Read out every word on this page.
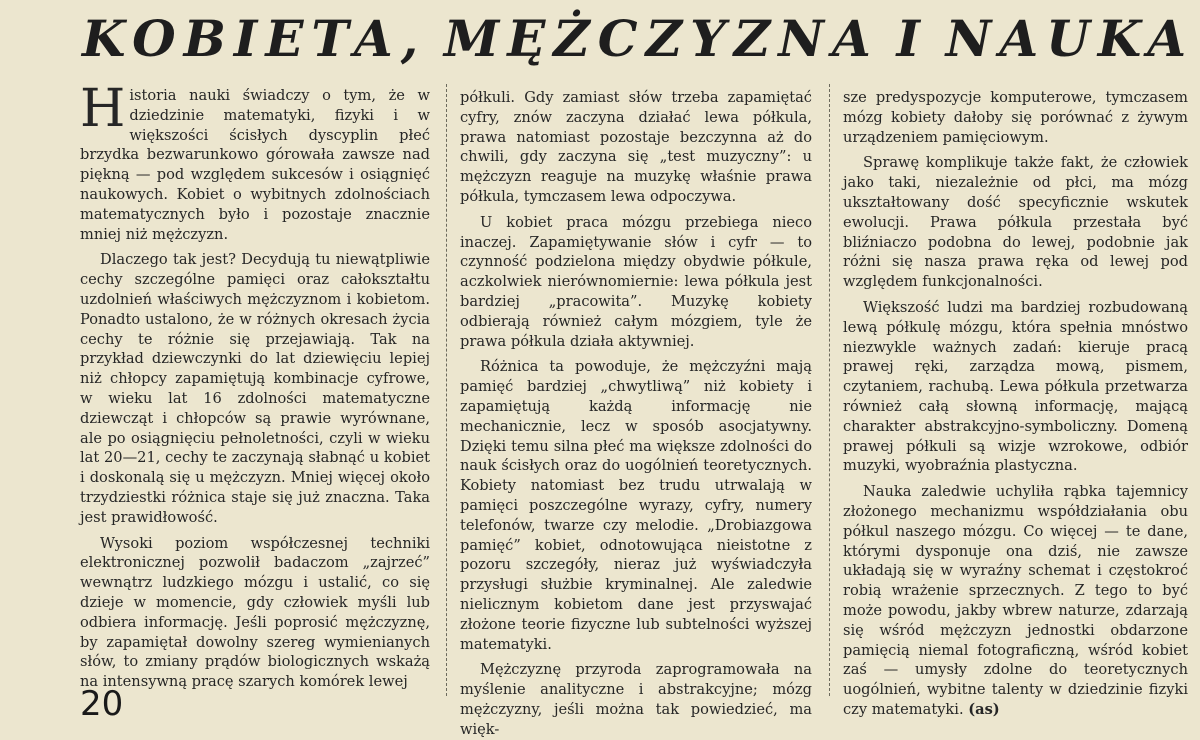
KOBIETA, MĘŻCZYZNA I NAUKA

Historia nauki świadczy o tym, że w dziedzinie matematyki, fizyki i w większości ścisłych dyscyplin płeć brzydka bezwarunkowo górowała zawsze nad piękną — pod względem sukcesów i osiągnięć naukowych. Kobiet o wybitnych zdolnościach matematycznych było i pozostaje znacznie mniej niż mężczyzn.

Dlaczego tak jest? Decydują tu niewątpliwie cechy szczególne pamięci oraz całokształtu uzdolnień właściwych mężczyznom i kobietom. Ponadto ustalono, że w różnych okresach życia cechy te różnie się przejawiają. Tak na przykład dziewczynki do lat dziewięciu lepiej niż chłopcy zapamiętują kombinacje cyfrowe, w wieku lat 16 zdolności matematyczne dziewcząt i chłopców są prawie wyrównane, ale po osiągnięciu pełnoletności, czyli w wieku lat 20—21, cechy te zaczynają słabnąć u kobiet i doskonalą się u mężczyzn. Mniej więcej około trzydziestki różnica staje się już znaczna. Taka jest prawidłowość.

Wysoki poziom współczesnej techniki elektronicznej pozwolił badaczom „zajrzeć” wewnątrz ludzkiego mózgu i ustalić, co się dzieje w momencie, gdy człowiek myśli lub odbiera informację. Jeśli poprosić mężczyznę, by zapamiętał dowolny szereg wymienianych słów, to zmiany prądów biologicznych wskażą na intensywną pracę szarych komórek lewej

półkuli. Gdy zamiast słów trzeba zapamiętać cyfry, znów zaczyna działać lewa półkula, prawa natomiast pozostaje bezczynna aż do chwili, gdy zaczyna się „test muzyczny”: u mężczyzn reaguje na muzykę właśnie prawa półkula, tymczasem lewa odpoczywa.

U kobiet praca mózgu przebiega nieco inaczej. Zapamiętywanie słów i cyfr — to czynność podzielona między obydwie półkule, aczkolwiek nierównomiernie: lewa półkula jest bardziej „pracowita”. Muzykę kobiety odbierają również całym mózgiem, tyle że prawa półkula działa aktywniej.

Różnica ta powoduje, że mężczyźni mają pamięć bardziej „chwytliwą” niż kobiety i zapamiętują każdą informację nie mechanicznie, lecz w sposób asocjatywny. Dzięki temu silna płeć ma większe zdolności do nauk ścisłych oraz do uogólnień teoretycznych. Kobiety natomiast bez trudu utrwalają w pamięci poszczególne wyrazy, cyfry, numery telefonów, twarze czy melodie. „Drobiazgowa pamięć” kobiet, odnotowująca nieistotne z pozoru szczegóły, nieraz już wyświadczyła przysługi służbie kryminalnej. Ale zaledwie nielicznym kobietom dane jest przyswajać złożone teorie fizyczne lub subtelności wyższej matematyki.

Mężczyznę przyroda zaprogramowała na myślenie analityczne i abstrakcyjne; mózg mężczyzny, jeśli można tak powiedzieć, ma więk-

sze predyspozycje komputerowe, tymczasem mózg kobiety dałoby się porównać z żywym urządzeniem pamięciowym.

Sprawę komplikuje także fakt, że człowiek jako taki, niezależnie od płci, ma mózg ukształtowany dość specyficznie wskutek ewolucji. Prawa półkula przestała być bliźniaczo podobna do lewej, podobnie jak różni się nasza prawa ręka od lewej pod względem funkcjonalności.

Większość ludzi ma bardziej rozbudowaną lewą półkulę mózgu, która spełnia mnóstwo niezwykle ważnych zadań: kieruje pracą prawej ręki, zarządza mową, pismem, czytaniem, rachubą. Lewa półkula przetwarza również całą słowną informację, mającą charakter abstrakcyjno-symboliczny. Domeną prawej półkuli są wizje wzrokowe, odbiór muzyki, wyobraźnia plastyczna.

Nauka zaledwie uchyliła rąbka tajemnicy złożonego mechanizmu współdziałania obu półkul naszego mózgu. Co więcej — te dane, którymi dysponuje ona dziś, nie zawsze układają się w wyraźny schemat i częstokroć robią wrażenie sprzecznych. Z tego to być może powodu, jakby wbrew naturze, zdarzają się wśród mężczyzn jednostki obdarzone pamięcią niemal fotograficzną, wśród kobiet zaś — umysły zdolne do teoretycznych uogólnień, wybitne talenty w dziedzinie fizyki czy matematyki. (as)

20
